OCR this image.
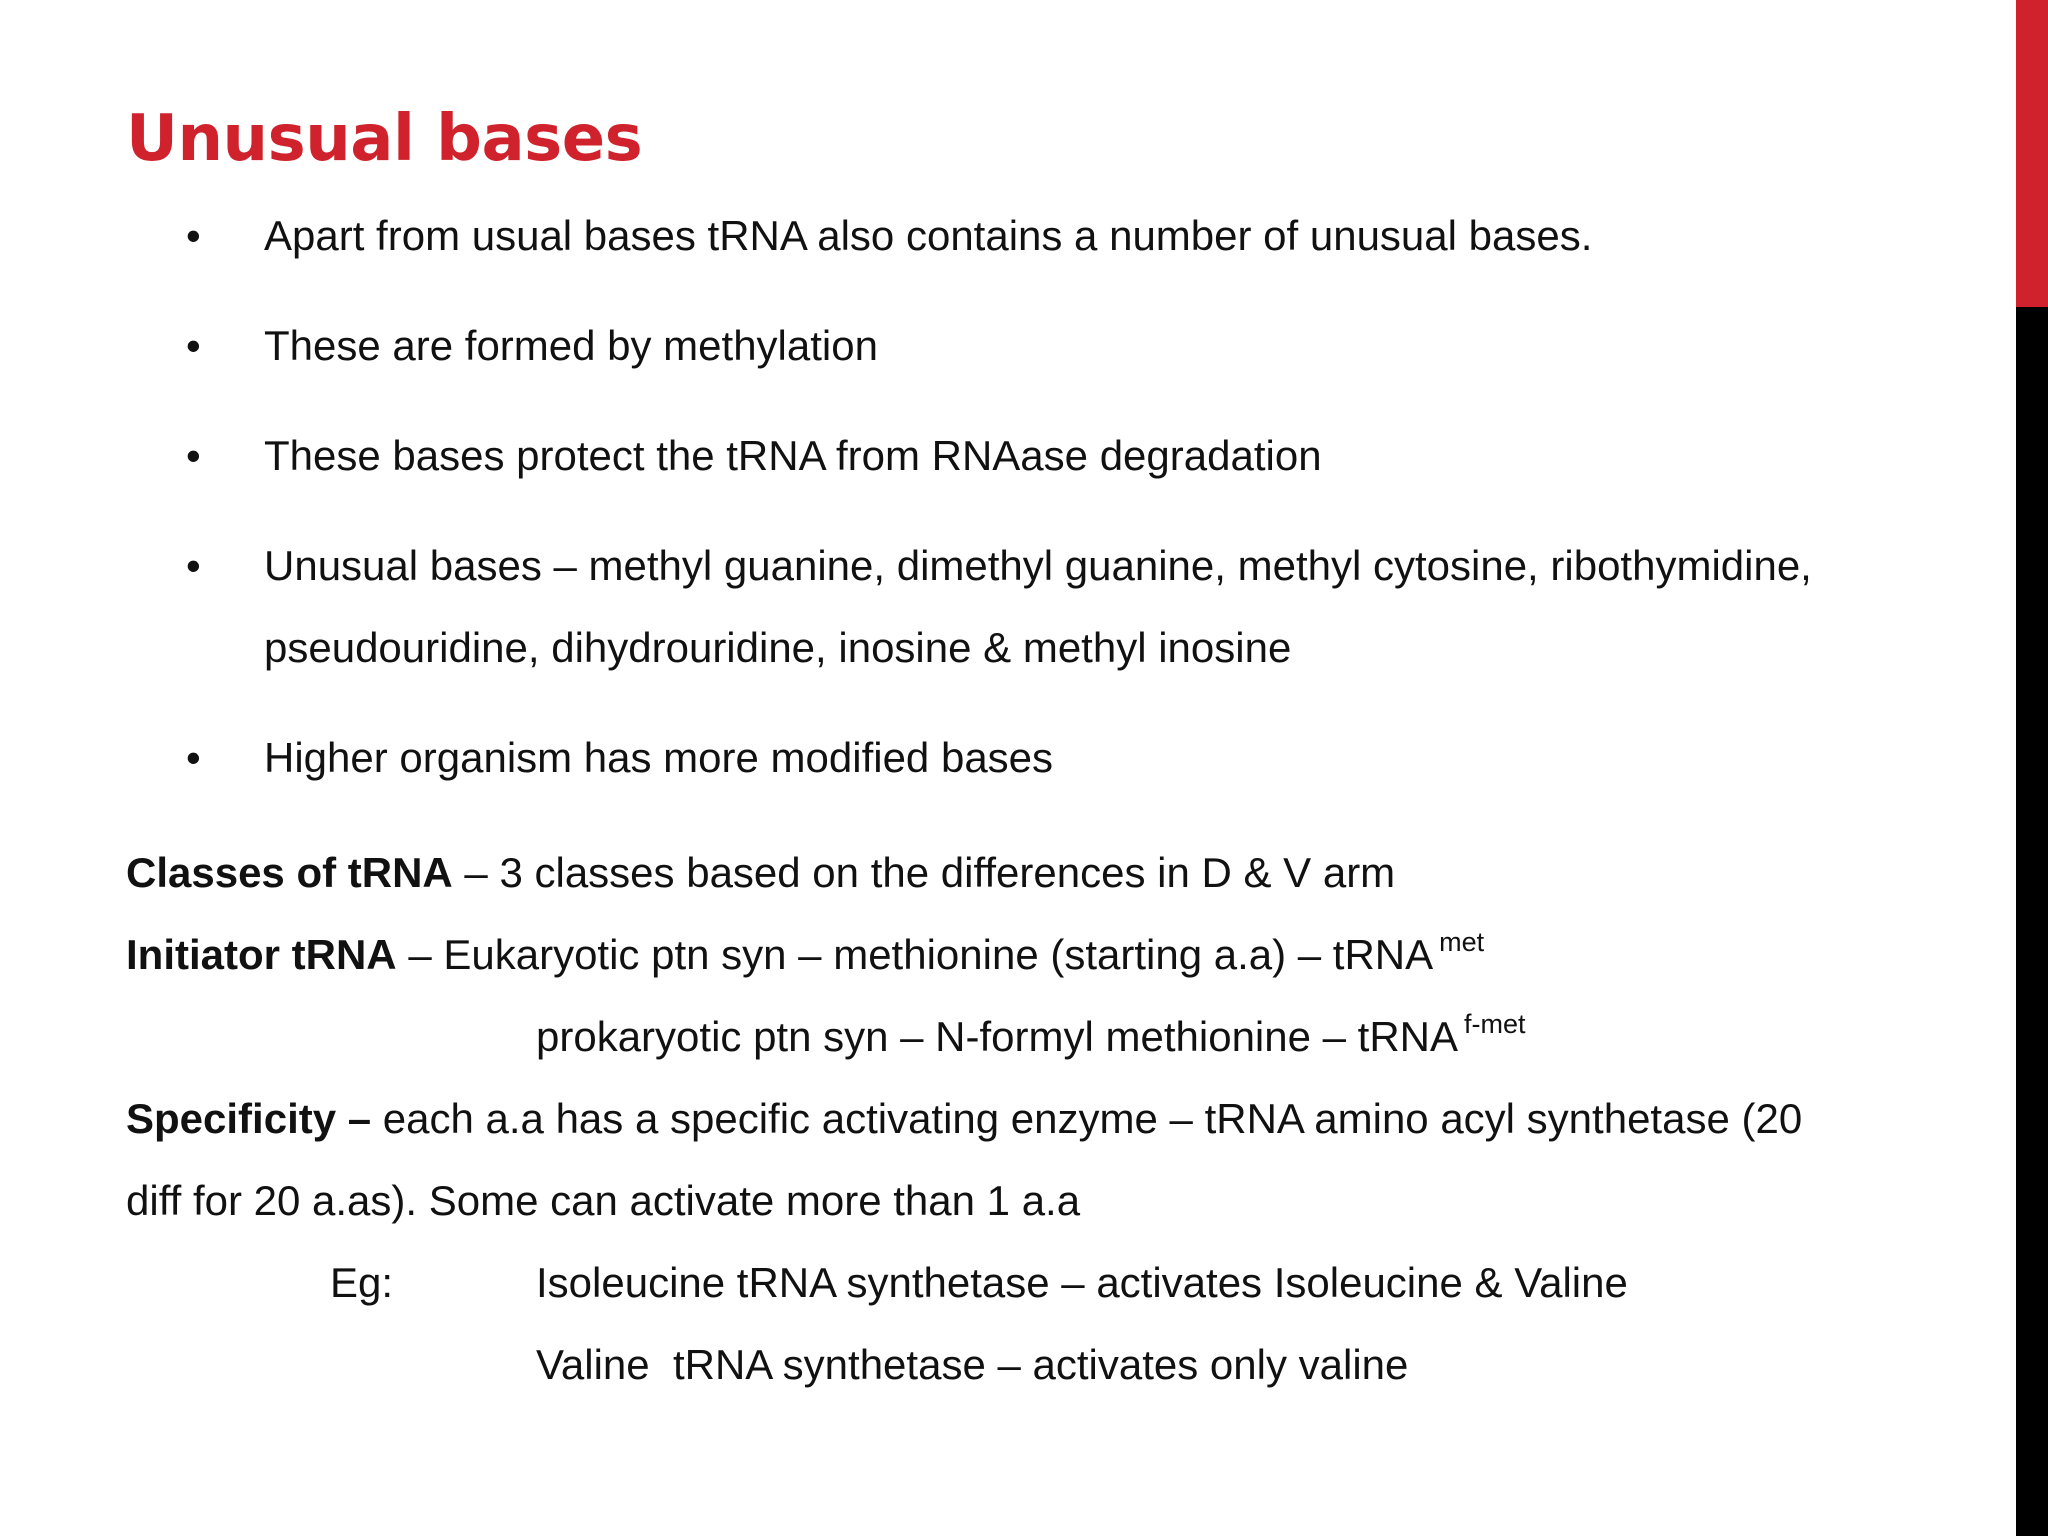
Unusual bases
• Apart from usual bases tRNA also contains a number of unusual bases.
• These are formed by methylation
• These bases protect the tRNA from RNAase degradation
• Unusual bases – methyl guanine, dimethyl guanine, methyl cytosine, ribothymidine, pseudouridine, dihydrouridine, inosine & methyl inosine
• Higher organism has more modified bases
Classes of tRNA – 3 classes based on the differences in D & V arm
Initiator tRNA – Eukaryotic ptn syn – methionine (starting a.a) – tRNA $^{met}$
prokaryotic ptn syn – N-formyl methionine – tRNA $^{f-met}$
Specificity – each a.a has a specific activating enzyme – tRNA amino acyl synthetase (20
diff for 20 a.as). Some can activate more than 1 a.a
Eg:	Isoleucine tRNA synthetase – activates Isoleucine & Valine
Valine  tRNA synthetase – activates only valine
